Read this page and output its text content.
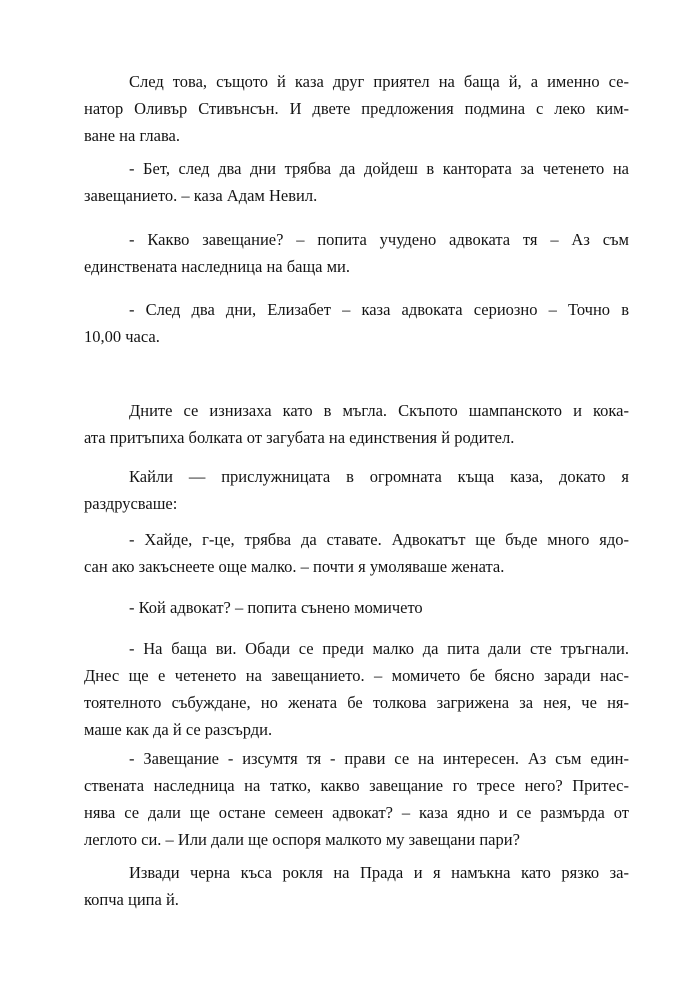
След това, същото й каза друг приятел на баща й, а именно се-
натор Оливър Стивънсън. И двете предложения подмина с леко ким-
ване на глава.

- Бет, след два дни трябва да дойдеш в кантората за четенето на
завещанието. – каза Адам Невил.

- Какво завещание? – попита учудено адвоката тя – Аз съм
единствената наследница на баща ми.

- След два дни, Елизабет – каза адвоката сериозно – Точно в
10,00 часа.

Дните се изнизаха като в мъгла. Скъпото шампанското и кока-
ата притъпиха болката от загубата на единствения й родител.

Кайли — прислужницата в огромната къща каза, докато я
раздрусваше:

- Хайде, г-це, трябва да ставате. Адвокатът ще бъде много ядо-
сан ако закъснеете още малко. – почти я умоляваше жената.

- Кой адвокат? – попита сънено момичето

- На баща ви. Обади се преди малко да пита дали сте тръгнали.
Днес ще е четенето на завещанието. – момичето бе бясно заради нас-
тоятелното събуждане, но жената бе толкова загрижена за нея, че ня-
маше как да й се разсърди.

- Завещание - изсумтя тя - прави се на интересен. Аз съм един-
ствената наследница на татко, какво завещание го тресе него? Притес-
нява се дали ще остане семеен адвокат? – каза ядно и се размърда от
леглото си. – Или дали ще оспоря малкото му завещани пари?

Извади черна къса рокля на Прада и я намъкна като рязко за-
копча ципа й.
